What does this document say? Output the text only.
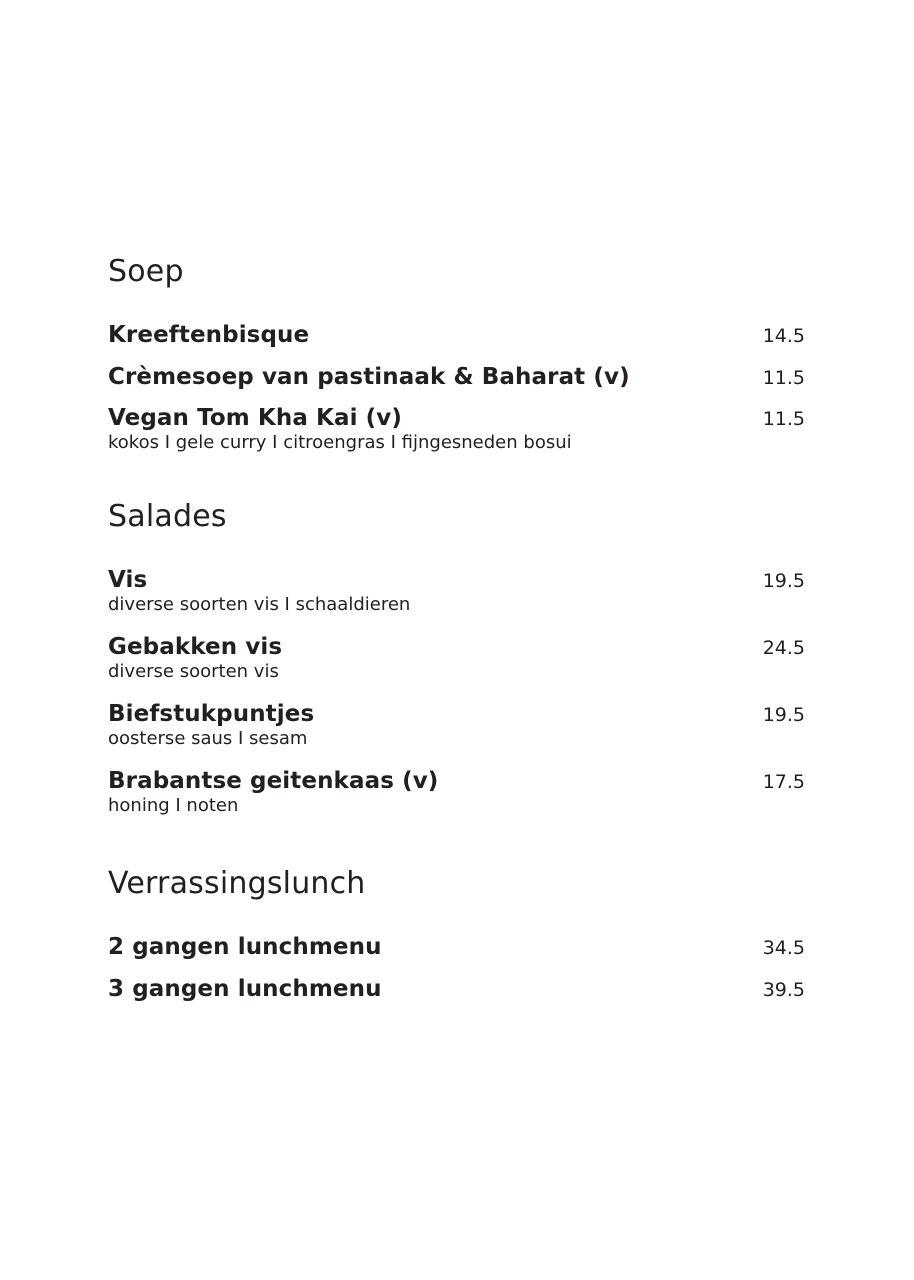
Soep
Kreeftenbisque	14.5
Crèmesoep van pastinaak & Baharat (v)	11.5
Vegan Tom Kha Kai (v)	11.5
kokos I gele curry I citroengras I fijngesneden bosui
Salades
Vis	19.5
diverse soorten vis I schaaldieren
Gebakken vis	24.5
diverse soorten vis
Biefstukpuntjes	19.5
oosterse saus I sesam
Brabantse geitenkaas (v)	17.5
honing I noten
Verrassingslunch
2 gangen lunchmenu	34.5
3 gangen lunchmenu	39.5
